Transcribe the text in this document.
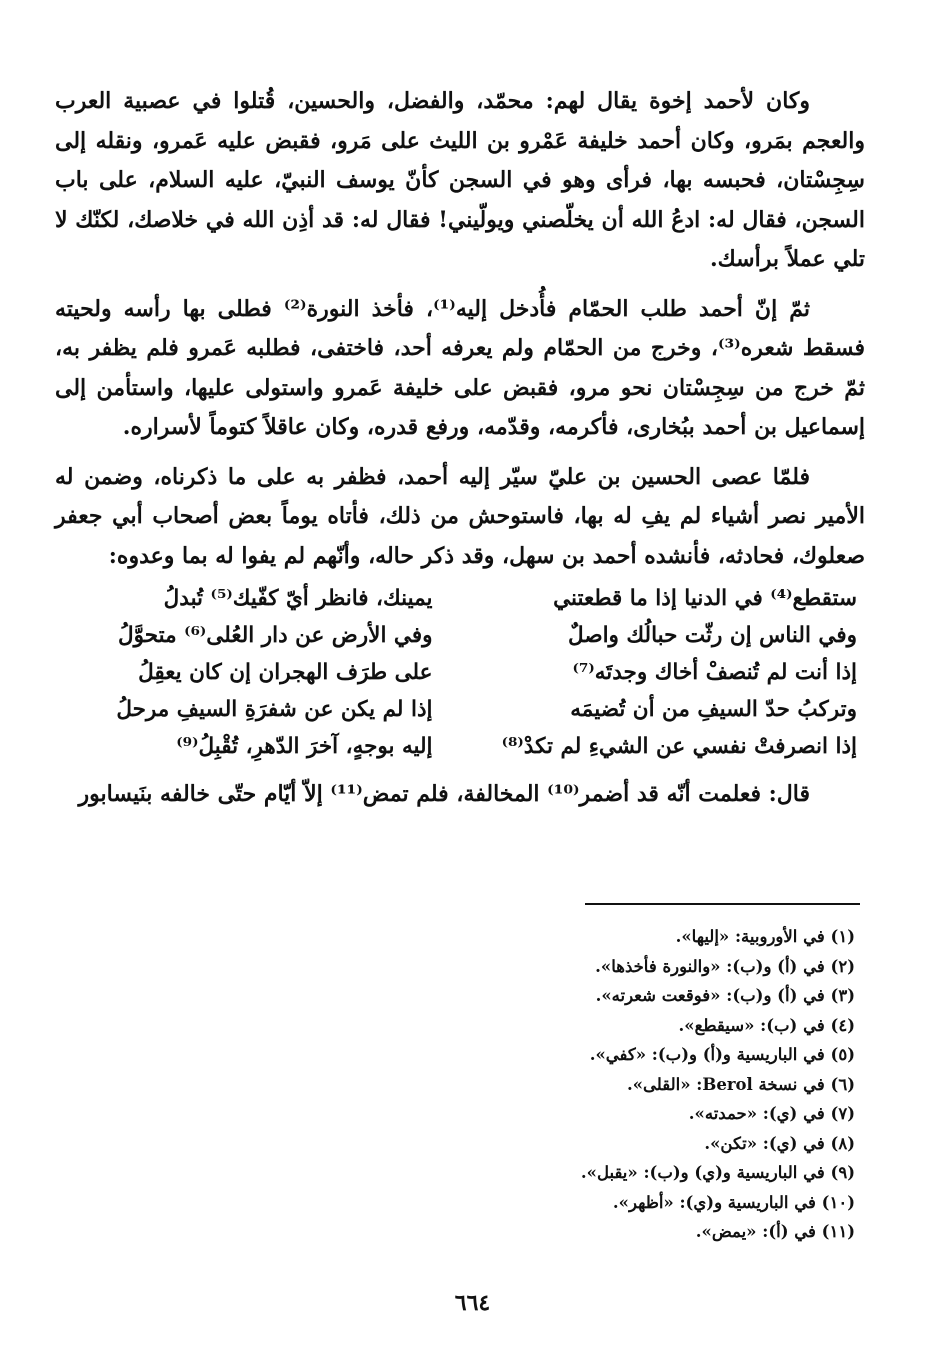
وكان لأحمد إخوة يقال لهم: محمّد، والفضل، والحسين، قُتلوا في عصبية العرب والعجم بمَرو، وكان أحمد خليفة عَمْرو بن الليث على مَرو، فقبض عليه عَمرو، ونقله إلى سِجِسْتان، فحبسه بها، فرأى وهو في السجن كأنّ يوسف النبيّ، عليه السلام، على باب السجن، فقال له: ادعُ الله أن يخلّصني ويولّيني! فقال له: قد أذِن الله في خلاصك، لكنّك لا تلي عملاً برأسك.

ثمّ إنّ أحمد طلب الحمّام فأُدخل إليه⁽¹⁾، فأخذ النورة⁽²⁾ فطلى بها رأسه ولحيته فسقط شعره⁽³⁾، وخرج من الحمّام ولم يعرفه أحد، فاختفى، فطلبه عَمرو فلم يظفر به، ثمّ خرج من سِجِسْتان نحو مرو، فقبض على خليفة عَمرو واستولى عليها، واستأمن إلى إسماعيل بن أحمد ببُخارى، فأكرمه، وقدّمه، ورفع قدره، وكان عاقلاً كتوماً لأسراره.

فلمّا عصى الحسين بن عليّ سيّر إليه أحمد، فظفر به على ما ذكرناه، وضمن له الأمير نصر أشياء لم يفِ له بها، فاستوحش من ذلك، فأتاه يوماً بعض أصحاب أبي جعفر صعلوك، فحادثه، فأنشده أحمد بن سهل، وقد ذكر حاله، وأنّهم لم يفوا له بما وعدوه:

ستقطع⁽⁴⁾ في الدنيا إذا ما قطعتني
يمينك، فانظر أيّ كفّيك⁽⁵⁾ تُبدلُ
وفي الناس إن رثّت حبالُك واصلٌ
وفي الأرض عن دار العُلى⁽⁶⁾ متحوَّلُ
إذا أنت لم تُنصفْ أخاك وجدتَه⁽⁷⁾
على طرَف الهجران إن كان يعقِلُ
وتركبُ حدّ السيفِ من أن تُضيمَه
إذا لم يكن عن شفرَةِ السيفِ مرحلُ
إذا انصرفتْ نفسي عن الشيءِ لم تكدْ⁽⁸⁾
إليه بوجهٍ، آخرَ الدّهرِ، تُقْبِلُ⁽⁹⁾

قال: فعلمت أنّه قد أضمر⁽¹⁰⁾ المخالفة، فلم تمض⁽¹¹⁾ إلاّ أيّام حتّى خالفه بنَيسابور

(١) في الأوروبية: «إليها».
(٢) في (أ) و(ب): «والنورة فأخذها».
(٣) في (أ) و(ب): «فوقعت شعرته».
(٤) في (ب): «سيقطع».
(٥) في الباريسية و(أ) و(ب): «كفي».
(٦) في نسخة Berol: «القلى».
(٧) في (ي): «حمدته».
(٨) في (ي): «تكن».
(٩) في الباريسية و(ي) و(ب): «يقبل».
(١٠) في الباريسية و(ي): «أظهر».
(١١) في (أ): «يمض».
٦٦٤
